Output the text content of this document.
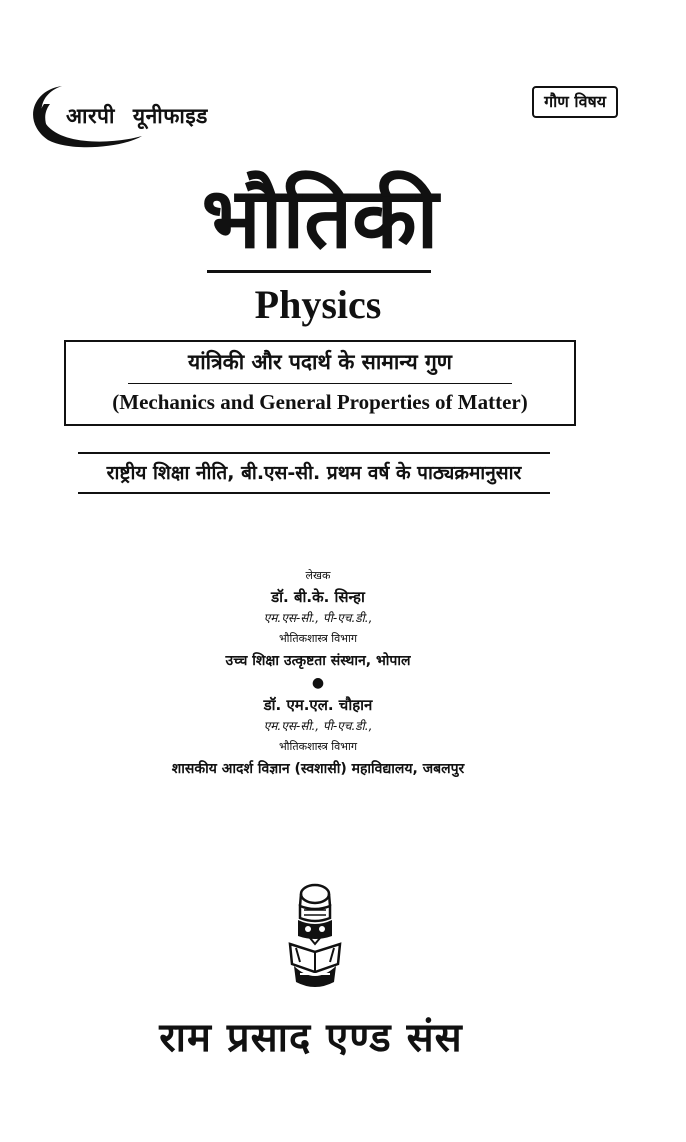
आरपी यूनीफाइड
गौण विषय
भौतिकी
Physics
यांत्रिकी और पदार्थ के सामान्य गुण
(Mechanics and General Properties of Matter)
राष्ट्रीय शिक्षा नीति, बी.एस-सी. प्रथम वर्ष के पाठ्यक्रमानुसार
लेखक
डॉ. बी.के. सिन्हा
एम.एस-सी., पी-एच.डी.,
भौतिकशास्त्र विभाग
उच्च शिक्षा उत्कृष्टता संस्थान, भोपाल
●
डॉ. एम.एल. चौहान
एम.एस-सी., पी-एच.डी.,
भौतिकशास्त्र विभाग
शासकीय आदर्श विज्ञान (स्वशासी) महाविद्यालय, जबलपुर
राम प्रसाद एण्ड संस
